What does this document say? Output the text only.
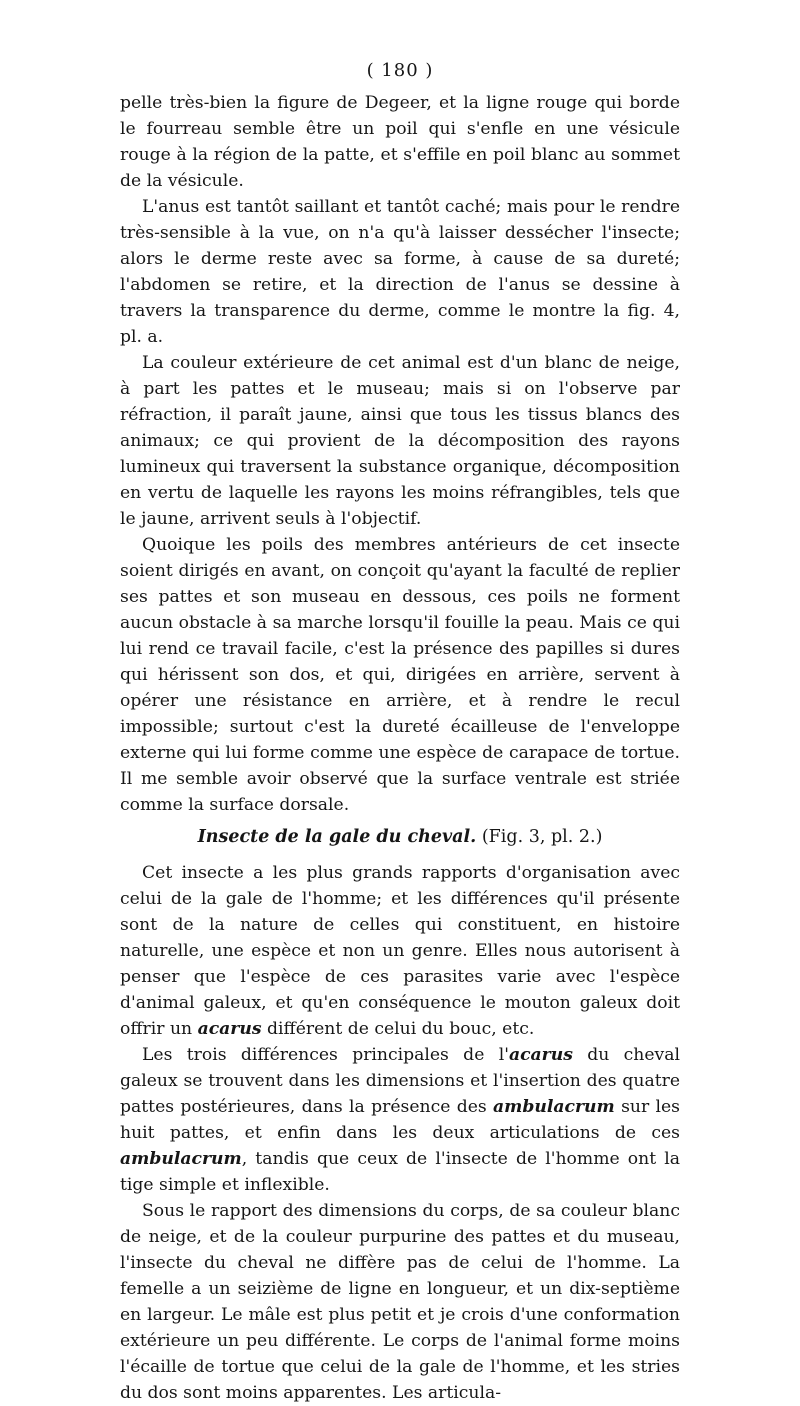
( 180 )

pelle très-bien la figure de Degeer, et la ligne rouge qui borde le fourreau semble être un poil qui s'enfle en une vésicule rouge à la région de la patte, et s'effile en poil blanc au sommet de la vésicule.

L'anus est tantôt saillant et tantôt caché; mais pour le rendre très-sensible à la vue, on n'a qu'à laisser dessécher l'insecte; alors le derme reste avec sa forme, à cause de sa dureté; l'abdomen se retire, et la direction de l'anus se dessine à travers la transparence du derme, comme le montre la fig. 4, pl. a.

La couleur extérieure de cet animal est d'un blanc de neige, à part les pattes et le museau; mais si on l'observe par réfraction, il paraît jaune, ainsi que tous les tissus blancs des animaux; ce qui provient de la décomposition des rayons lumineux qui traversent la substance organique, décomposition en vertu de laquelle les rayons les moins réfrangibles, tels que le jaune, arrivent seuls à l'objectif.

Quoique les poils des membres antérieurs de cet insecte soient dirigés en avant, on conçoit qu'ayant la faculté de replier ses pattes et son museau en dessous, ces poils ne forment aucun obstacle à sa marche lorsqu'il fouille la peau. Mais ce qui lui rend ce travail facile, c'est la présence des papilles si dures qui hérissent son dos, et qui, dirigées en arrière, servent à opérer une résistance en arrière, et à rendre le recul impossible; surtout c'est la dureté écailleuse de l'enveloppe externe qui lui forme comme une espèce de carapace de tortue. Il me semble avoir observé que la surface ventrale est striée comme la surface dorsale.

Insecte de la gale du cheval. (Fig. 3, pl. 2.)

Cet insecte a les plus grands rapports d'organisation avec celui de la gale de l'homme; et les différences qu'il présente sont de la nature de celles qui constituent, en histoire naturelle, une espèce et non un genre. Elles nous autorisent à penser que l'espèce de ces parasites varie avec l'espèce d'animal galeux, et qu'en conséquence le mouton galeux doit offrir un acarus différent de celui du bouc, etc.

Les trois différences principales de l'acarus du cheval galeux se trouvent dans les dimensions et l'insertion des quatre pattes postérieures, dans la présence des ambulacrum sur les huit pattes, et enfin dans les deux articulations de ces ambulacrum, tandis que ceux de l'insecte de l'homme ont la tige simple et inflexible.

Sous le rapport des dimensions du corps, de sa couleur blanc de neige, et de la couleur purpurine des pattes et du museau, l'insecte du cheval ne diffère pas de celui de l'homme. La femelle a un seizième de ligne en longueur, et un dix-septième en largeur. Le mâle est plus petit et je crois d'une conformation extérieure un peu différente. Le corps de l'animal forme moins l'écaille de tortue que celui de la gale de l'homme, et les stries du dos sont moins apparentes. Les articula-
